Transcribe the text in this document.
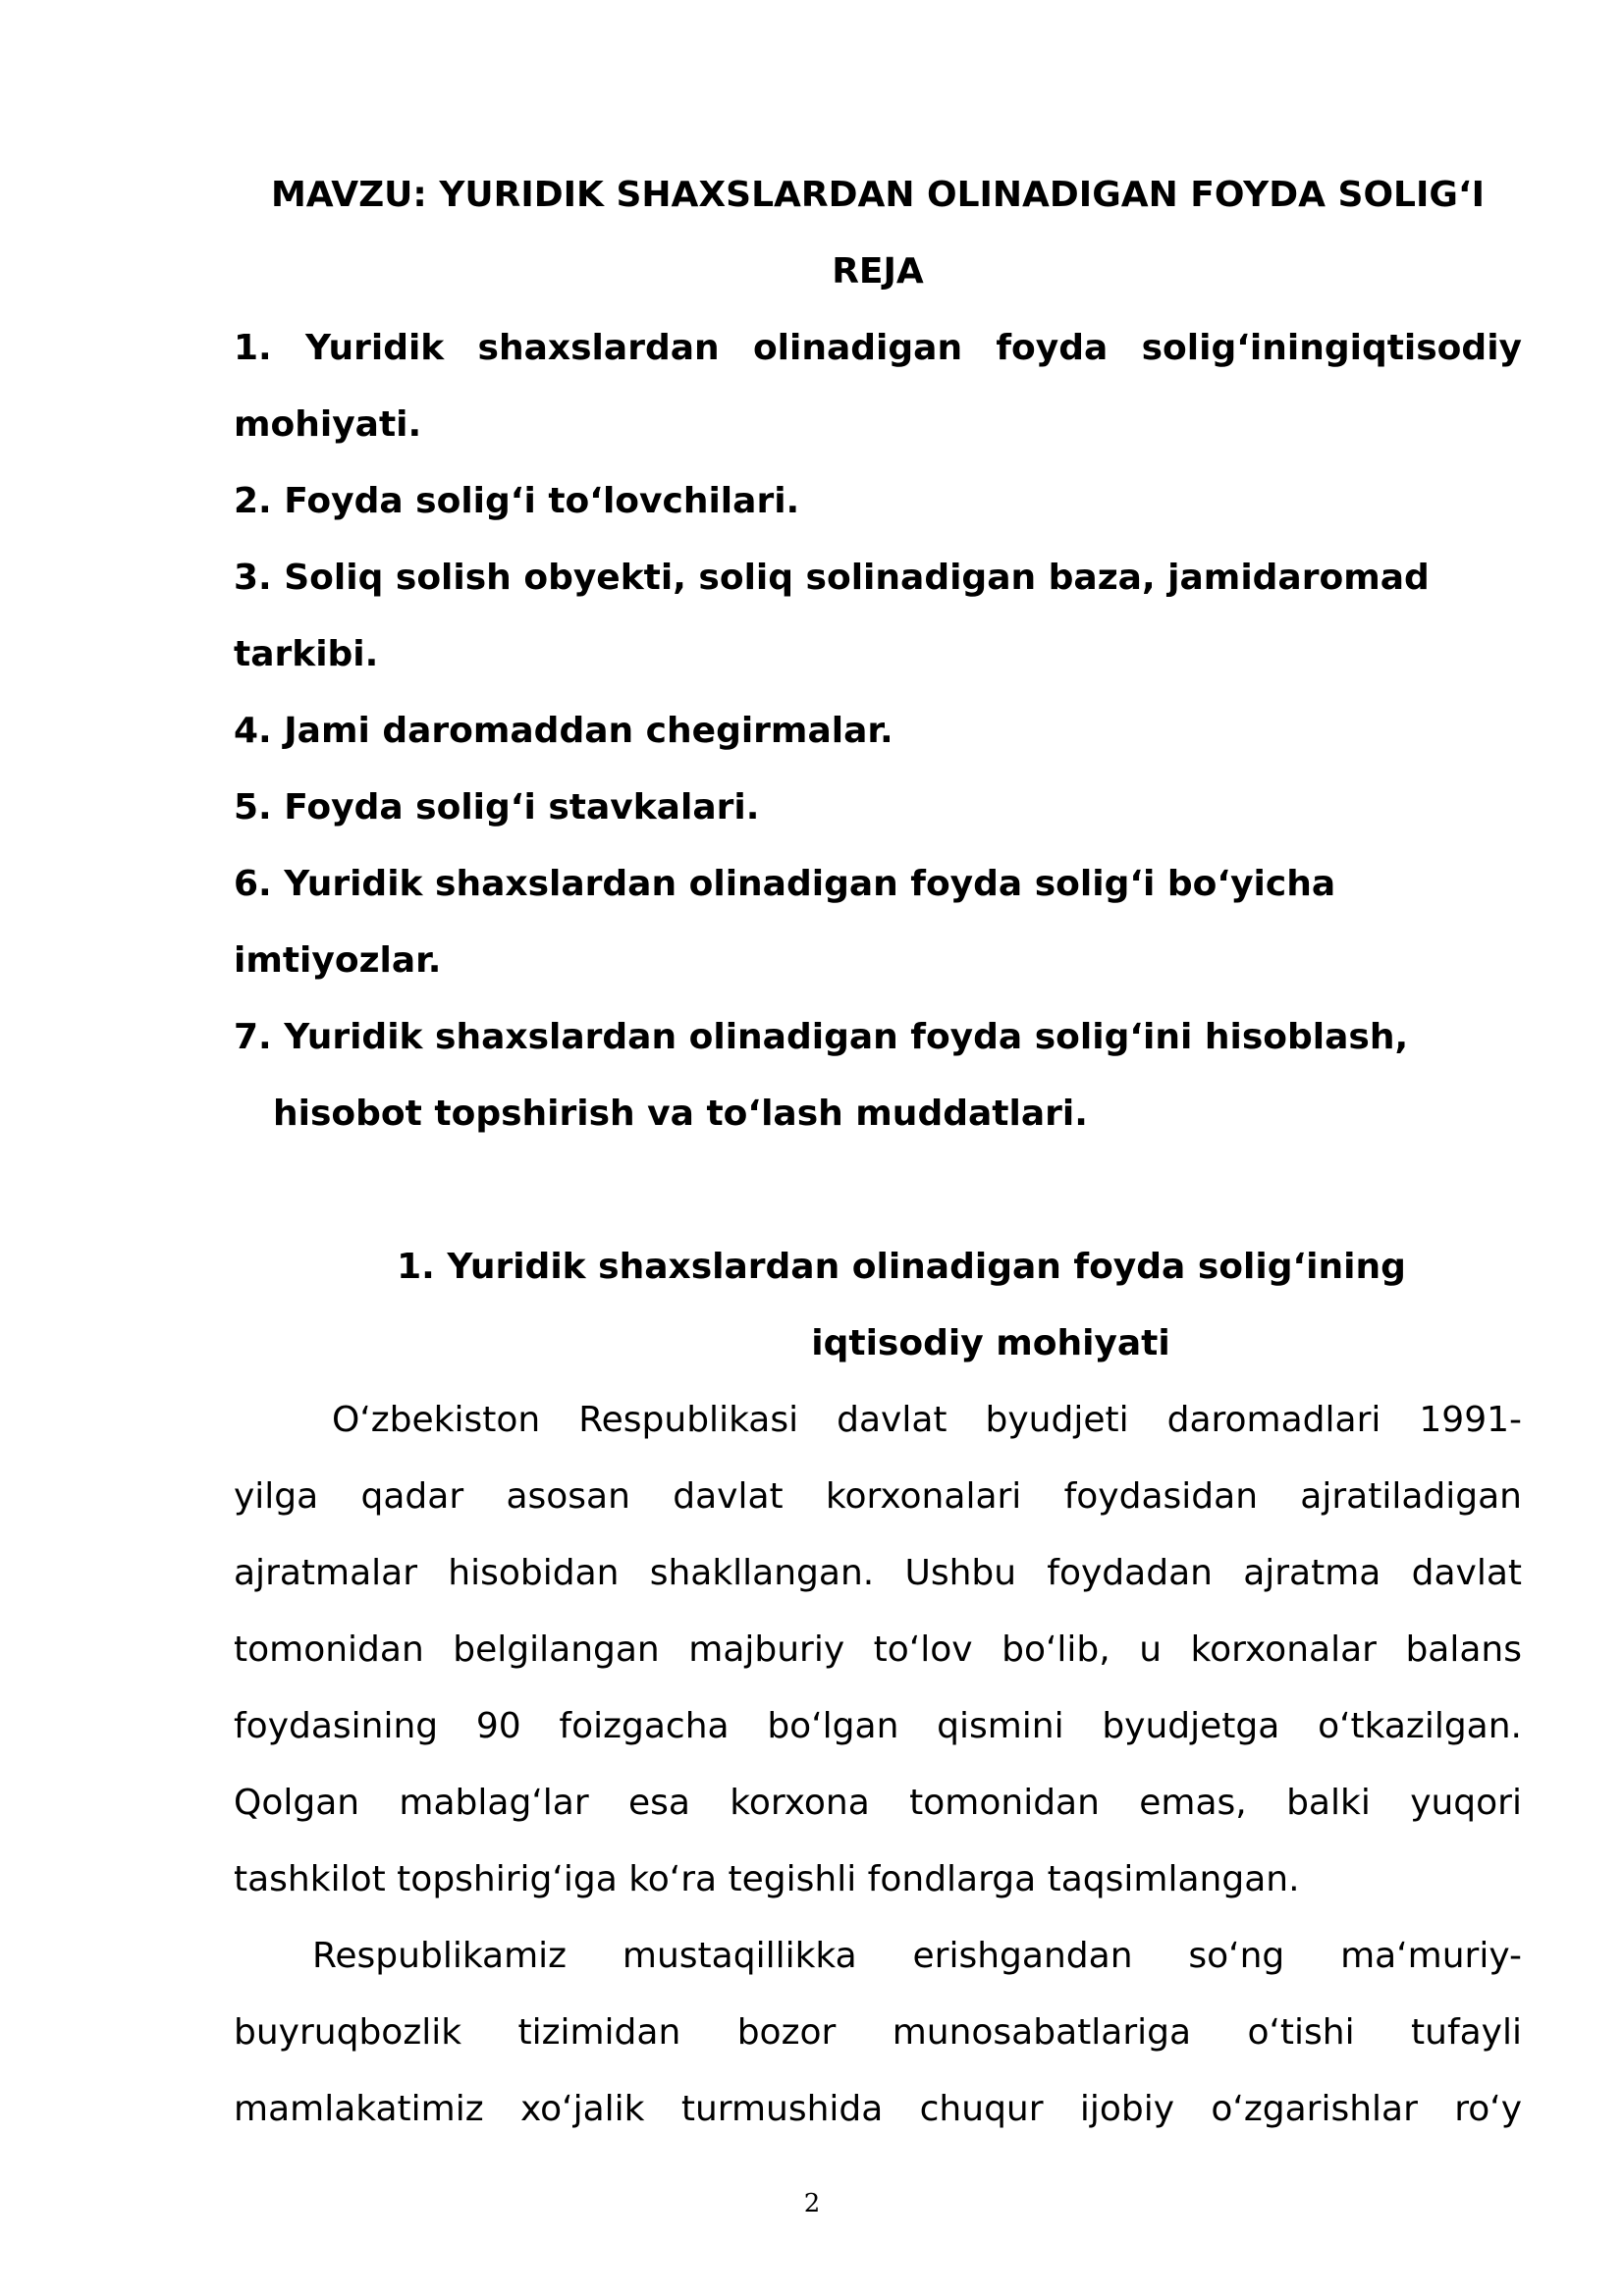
MAVZU: YURIDIK SHAXSLARDAN OLINADIGAN FOYDA SOLIG‘I

REJA

1. Yuridik shaxslardan olinadigan foyda solig‘iningiqtisodiy

mohiyati.

2. Foyda solig‘i to‘lovchilari.

3. Soliq solish obyekti, soliq solinadigan baza, jamidaromad

tarkibi.

4. Jami daromaddan chegirmalar.

5. Foyda solig‘i stavkalari.

6. Yuridik shaxslardan olinadigan foyda solig‘i bo‘yicha

imtiyozlar.

7. Yuridik shaxslardan olinadigan foyda solig‘ini hisoblash,

hisobot topshirish va to‘lash muddatlari.

1. Yuridik shaxslardan olinadigan foyda solig‘ining

iqtisodiy mohiyati

O‘zbekiston Respublikasi davlat byudjeti daromadlari 1991-

yilga qadar asosan davlat korxonalari foydasidan ajratiladigan

ajratmalar hisobidan shakllangan. Ushbu foydadan ajratma davlat

tomonidan belgilangan majburiy to‘lov bo‘lib, u korxonalar balans

foydasining 90 foizgacha bo‘lgan qismini byudjetga o‘tkazilgan.

Qolgan mablag‘lar esa korxona tomonidan emas, balki yuqori

tashkilot topshirig‘iga ko‘ra tegishli fondlarga taqsimlangan.

Respublikamiz mustaqillikka erishgandan so‘ng ma‘muriy-

buyruqbozlik tizimidan bozor munosabatlariga o‘tishi tufayli

mamlakatimiz xo‘jalik turmushida chuqur ijobiy o‘zgarishlar ro‘y

2
